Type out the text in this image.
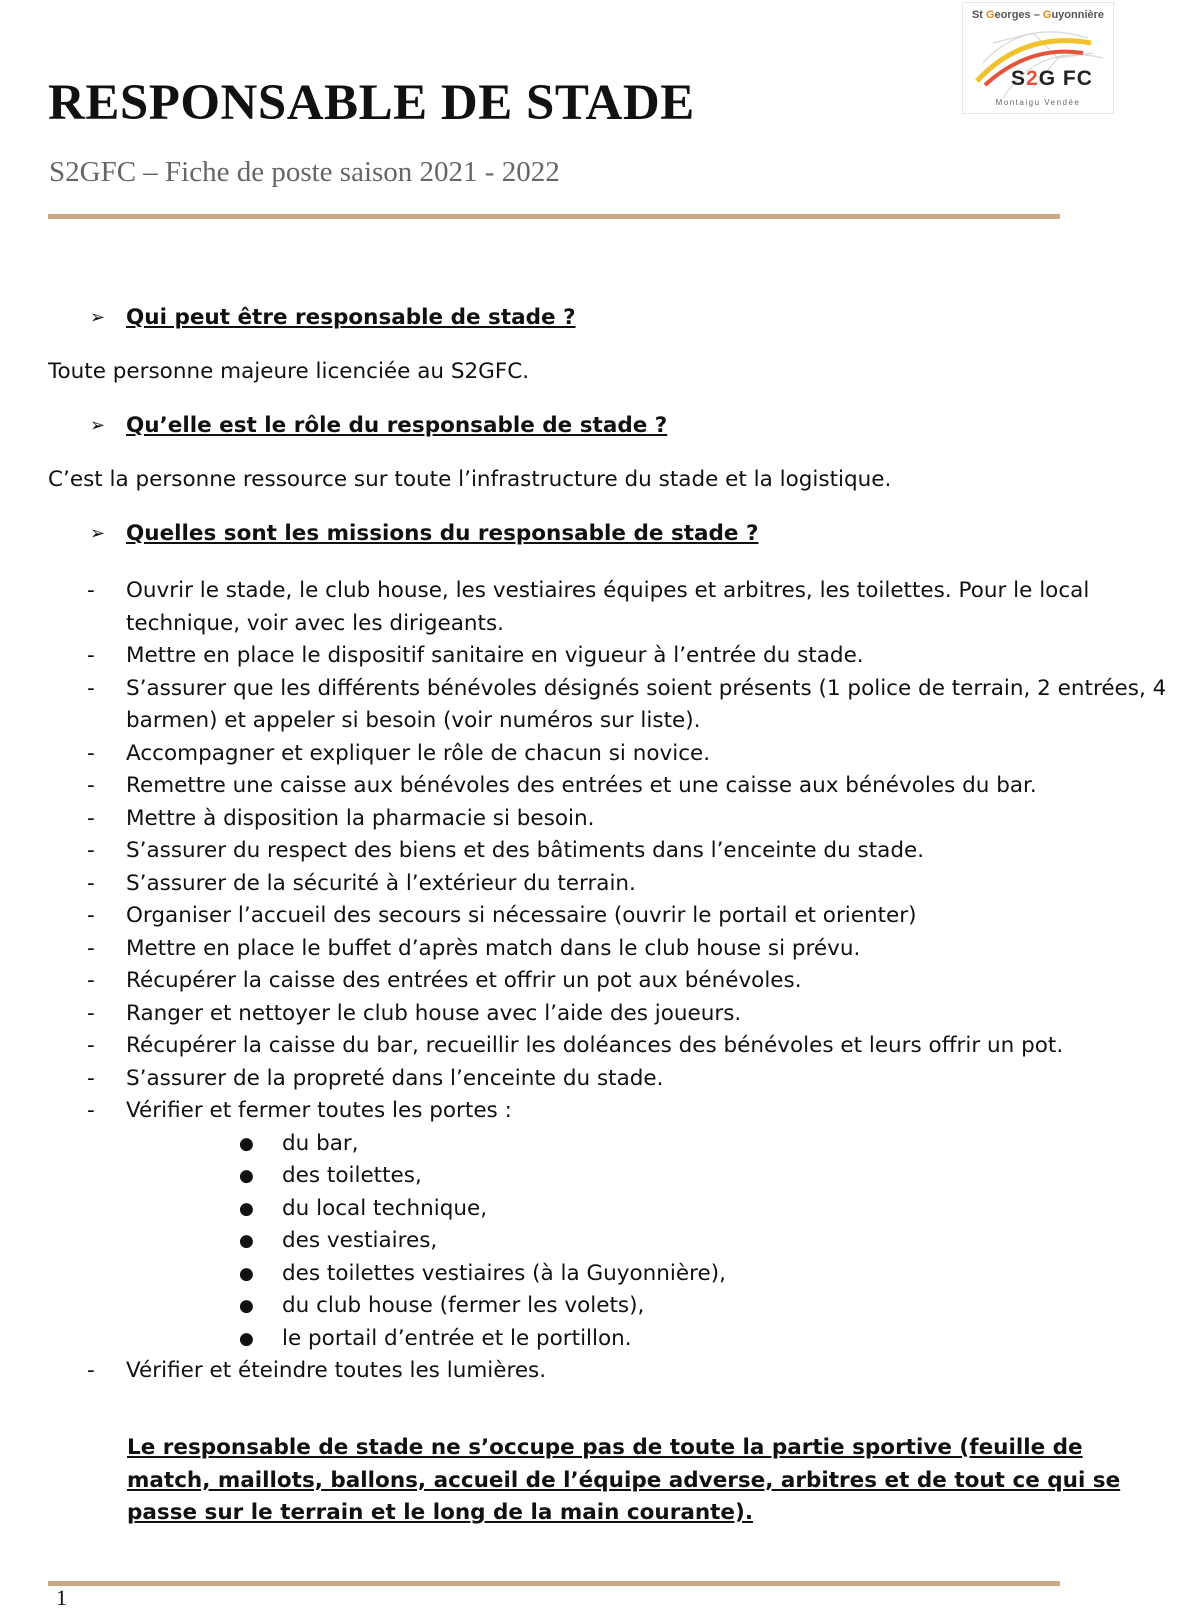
St Georges – Guyonnière
S2G FC
Montaigu Vendée
RESPONSABLE DE STADE
S2GFC – Fiche de poste saison 2021 - 2022
➢ Qui peut être responsable de stade ?
Toute personne majeure licenciée au S2GFC.
➢ Qu’elle est le rôle du responsable de stade ?
C’est la personne ressource sur toute l’infrastructure du stade et la logistique.
➢ Quelles sont les missions du responsable de stade ?
-	Ouvrir le stade, le club house, les vestiaires équipes et arbitres, les toilettes. Pour le local technique, voir avec les dirigeants.
-	Mettre en place le dispositif sanitaire en vigueur à l’entrée du stade.
-	S’assurer que les différents bénévoles désignés soient présents (1 police de terrain, 2 entrées, 4 barmen) et appeler si besoin (voir numéros sur liste).
-	Accompagner et expliquer le rôle de chacun si novice.
-	Remettre une caisse aux bénévoles des entrées et une caisse aux bénévoles du bar.
-	Mettre à disposition la pharmacie si besoin.
-	S’assurer du respect des biens et des bâtiments dans l’enceinte du stade.
-	S’assurer de la sécurité à l’extérieur du terrain.
-	Organiser l’accueil des secours si nécessaire (ouvrir le portail et orienter)
-	Mettre en place le buffet d’après match dans le club house si prévu.
-	Récupérer la caisse des entrées et offrir un pot aux bénévoles.
-	Ranger et nettoyer le club house avec l’aide des joueurs.
-	Récupérer la caisse du bar, recueillir les doléances des bénévoles et leurs offrir un pot.
-	S’assurer de la propreté dans l’enceinte du stade.
-	Vérifier et fermer toutes les portes :
●	du bar,
●	des toilettes,
●	du local technique,
●	des vestiaires,
●	des toilettes vestiaires (à la Guyonnière),
●	du club house (fermer les volets),
●	le portail d’entrée et le portillon.
-	Vérifier et éteindre toutes les lumières.
Le responsable de stade ne s’occupe pas de toute la partie sportive (feuille de match, maillots, ballons, accueil de l’équipe adverse, arbitres et de tout ce qui se passe sur le terrain et le long de la main courante).
1
